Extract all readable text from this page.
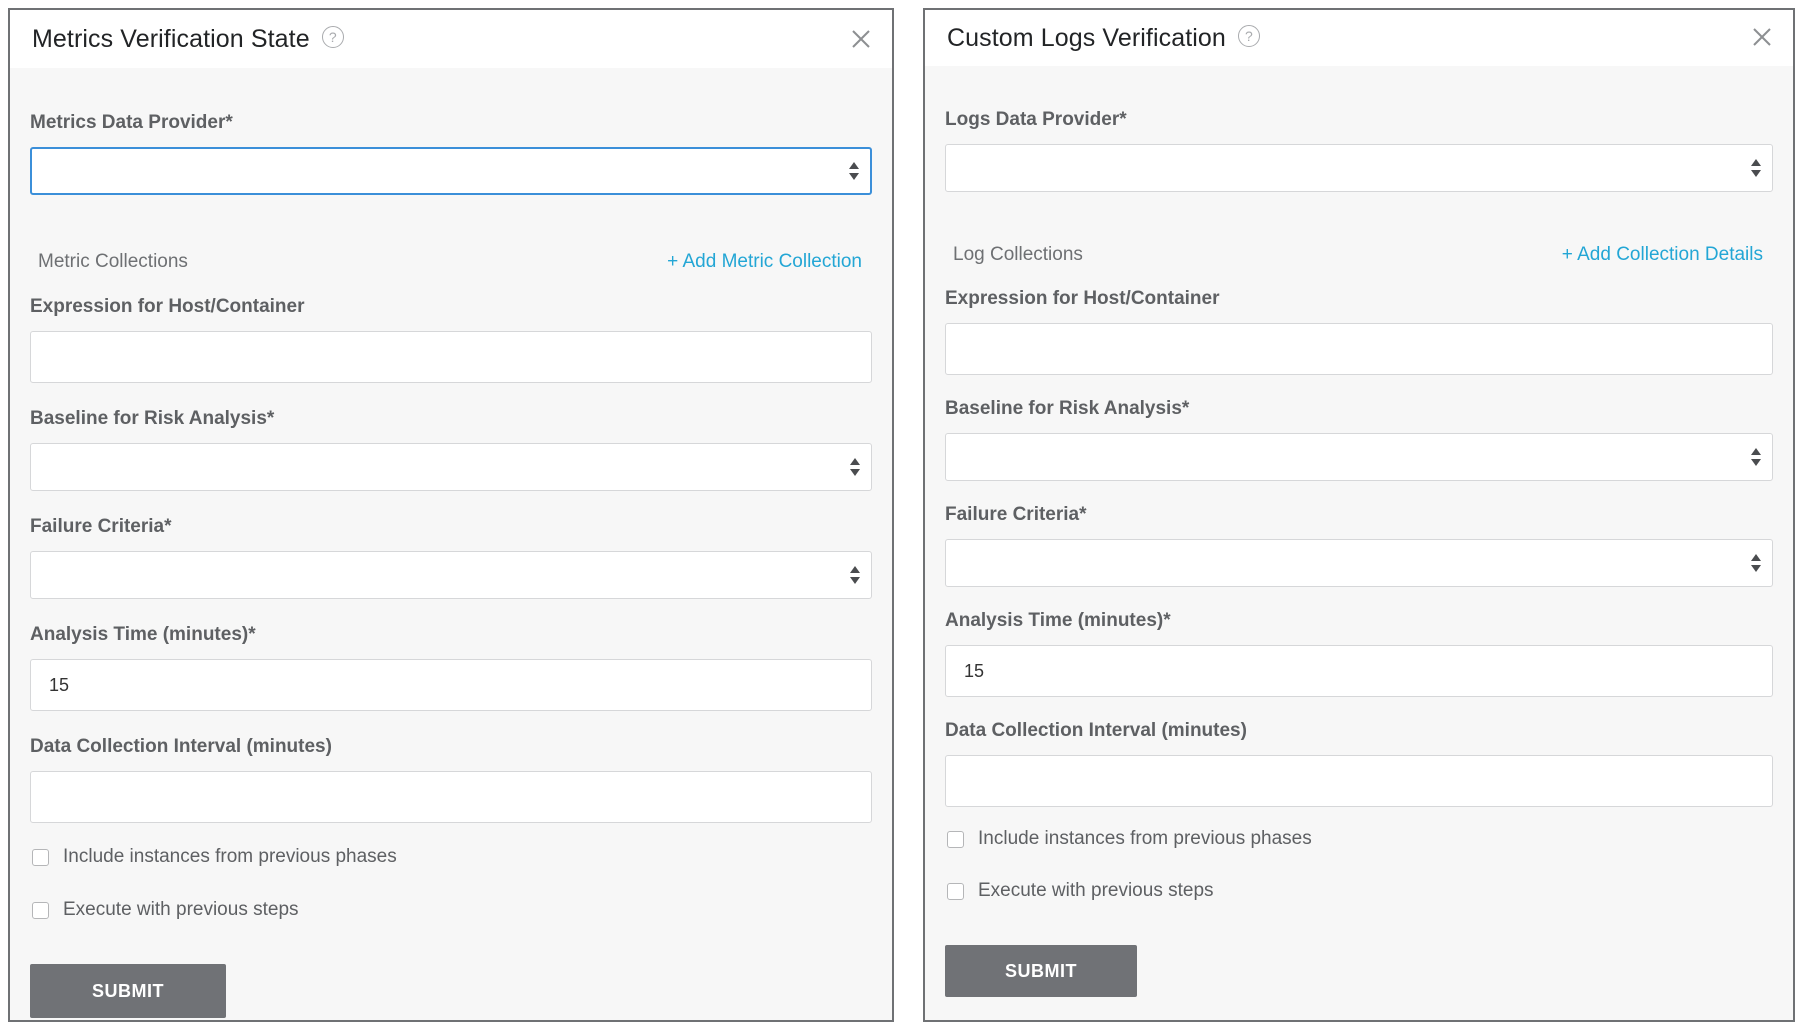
Metrics Verification State	?
Metrics Data Provider*
Metric Collections	+ Add Metric Collection
Expression for Host/Container
Baseline for Risk Analysis*
Failure Criteria*
Analysis Time (minutes)*
15
Data Collection Interval (minutes)
Include instances from previous phases
Execute with previous steps
SUBMIT
Custom Logs Verification	?
Logs Data Provider*
Log Collections	+ Add Collection Details
Expression for Host/Container
Baseline for Risk Analysis*
Failure Criteria*
Analysis Time (minutes)*
15
Data Collection Interval (minutes)
Include instances from previous phases
Execute with previous steps
SUBMIT
